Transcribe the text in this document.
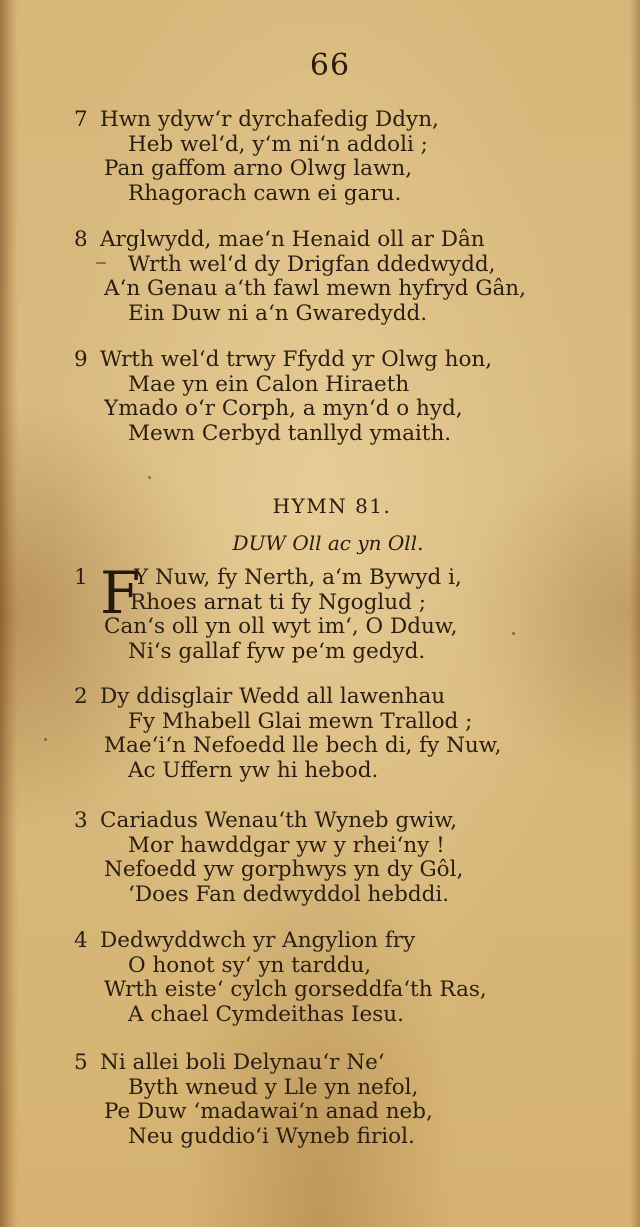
66
7 Hwn ydyw‘r dyrchafedig Ddyn,
Heb wel‘d, y‘m ni‘n addoli ;
Pan gaffom arno Olwg lawn,
Rhagorach cawn ei garu.
8 Arglwydd, mae‘n Henaid oll ar Dân
Wrth wel‘d dy Drigfan ddedwydd,
A‘n Genau a‘th fawl mewn hyfryd Gân,
Ein Duw ni a‘n Gwaredydd.
9 Wrth wel‘d trwy Ffydd yr Olwg hon,
Mae yn ein Calon Hiraeth
Ymado o‘r Corph, a myn‘d o hyd,
Mewn Cerbyd tanllyd ymaith.
HYMN 81.
DUW Oll ac yn Oll.
F
1 Y Nuw, fy Nerth, a‘m Bywyd i,
Rhoes arnat ti fy Ngoglud ;
Can‘s oll yn oll wyt im‘, O Dduw,
Ni‘s gallaf fyw pe‘m gedyd.
2 Dy ddisglair Wedd all lawenhau
Fy Mhabell Glai mewn Trallod ;
Mae‘i‘n Nefoedd lle bech di, fy Nuw,
Ac Uffern yw hi hebod.
3 Cariadus Wenau‘th Wyneb gwiw,
Mor hawddgar yw y rhei‘ny !
Nefoedd yw gorphwys yn dy Gôl,
‘Does Fan dedwyddol hebddi.
4 Dedwyddwch yr Angylion fry
O honot sy‘ yn tarddu,
Wrth eiste‘ cylch gorseddfa‘th Ras,
A chael Cymdeithas Iesu.
5 Ni allei boli Delynau‘r Ne‘
Byth wneud y Lle yn nefol,
Pe Duw ‘madawai‘n anad neb,
Neu guddio‘i Wyneb firiol.
